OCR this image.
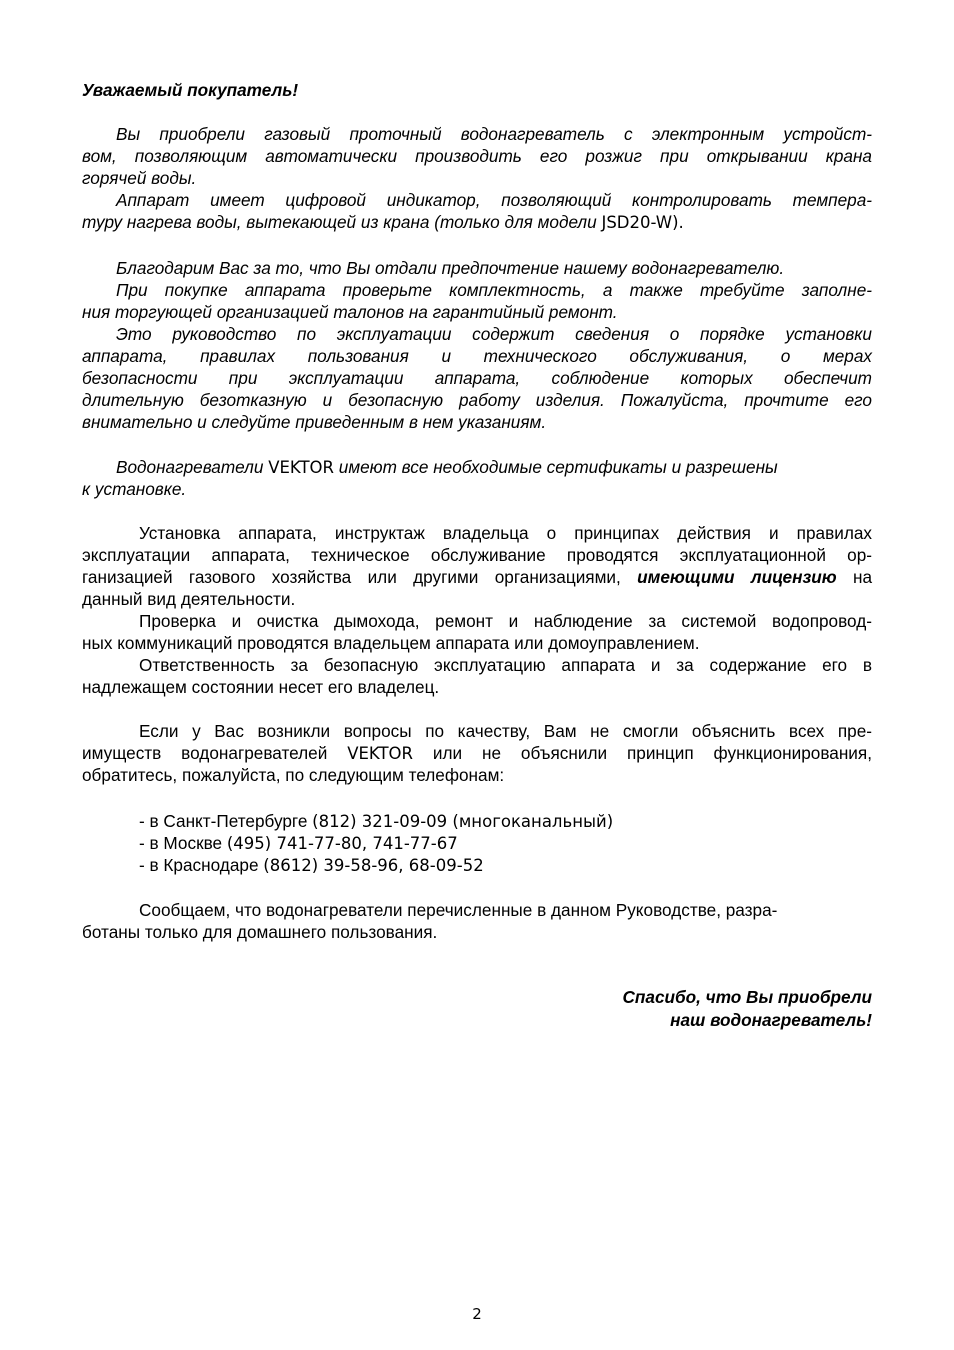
Уважаемый покупатель!
Вы приобрели газовый проточный водонагреватель с электронным устройст-
вом, позволяющим автоматически производить его розжиг при открывании крана
горячей воды.
Аппарат имеет цифровой индикатор, позволяющий контролировать темпера-
туру нагрева воды, вытекающей из крана (только для модели JSD20-W).
Благодарим Вас за то, что Вы отдали предпочтение нашему водонагревателю.
При покупке аппарата проверьте комплектность, а также требуйте заполне-
ния торгующей организацией талонов на гарантийный ремонт.
Это руководство по эксплуатации содержит сведения о порядке установки
аппарата, правилах пользования и технического обслуживания, о мерах
безопасности при эксплуатации аппарата, соблюдение которых обеспечит
длительную безотказную и безопасную работу изделия. Пожалуйста, прочтите его
внимательно и следуйте приведенным в нем указаниям.
Водонагреватели VEKTOR имеют все необходимые сертификаты и разрешены
к установке.
Установка аппарата, инструктаж владельца о принципах действия и правилах
эксплуатации аппарата, техническое обслуживание проводятся эксплуатационной ор-
ганизацией газового хозяйства или другими организациями, имеющими лицензию на
данный вид деятельности.
Проверка и очистка дымохода, ремонт и наблюдение за системой водопровод-
ных коммуникаций проводятся владельцем аппарата или домоуправлением.
Ответственность за безопасную эксплуатацию аппарата и за содержание его в
надлежащем состоянии несет его владелец.
Если у Вас возникли вопросы по качеству, Вам не смогли объяснить всех пре-
имуществ водонагревателей VEKTOR или не объяснили принцип функционирования,
обратитесь, пожалуйста, по следующим телефонам:
- в Санкт-Петербурге (812) 321-09-09 (многоканальный)
- в Москве (495) 741-77-80, 741-77-67
- в Краснодаре (8612) 39-58-96, 68-09-52
Сообщаем, что водонагреватели перечисленные в данном Руководстве, разра-
ботаны только для домашнего пользования.
Спасибо, что Вы приобрели
наш водонагреватель!
2
